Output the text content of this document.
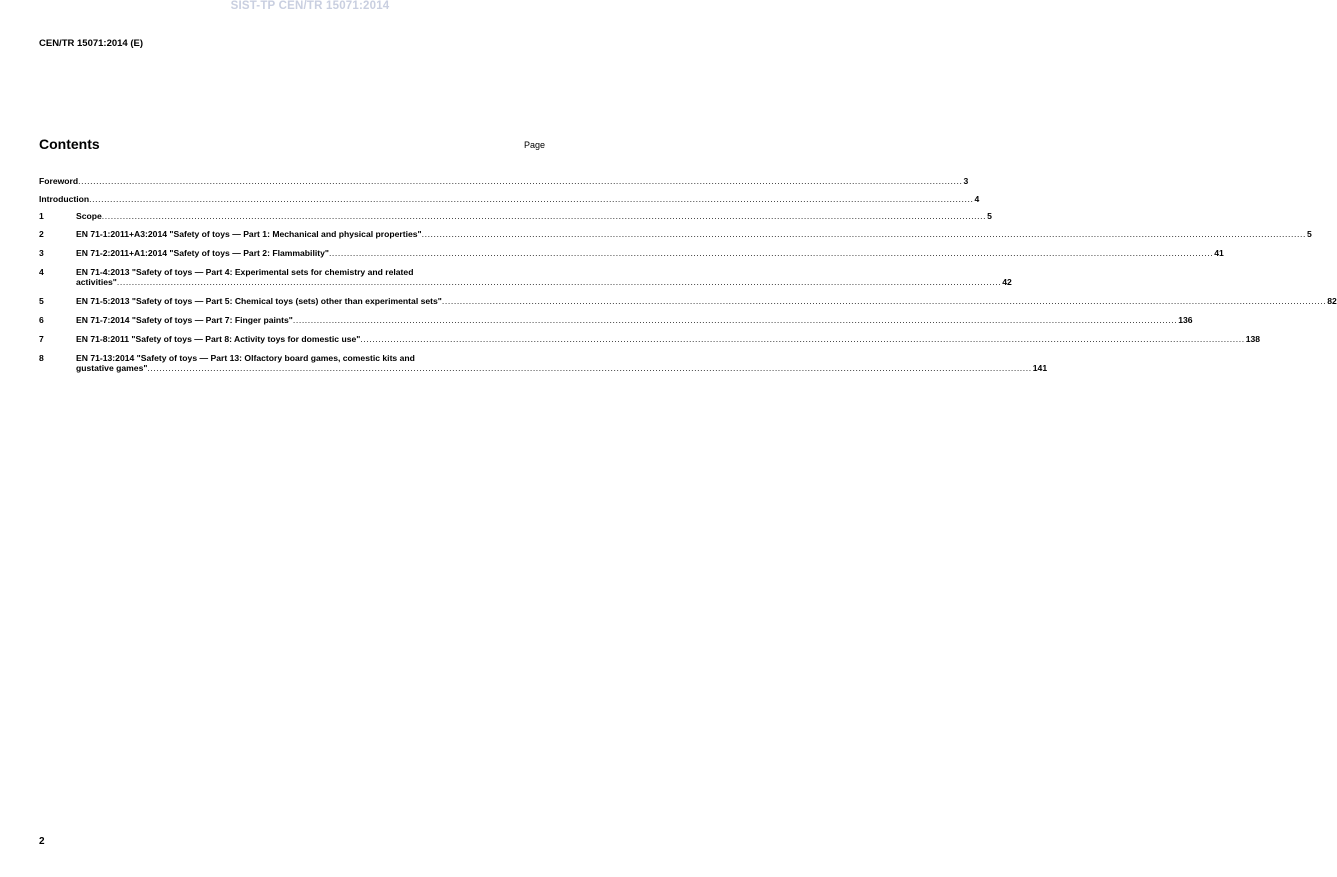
SIST-TP CEN/TR 15071:2014
CEN/TR 15071:2014 (E)
Contents	Page
Foreword .....	3
Introduction .....	4
1	Scope .....	5
2	EN 71-1:2011+A3:2014 "Safety of toys — Part 1: Mechanical and physical properties" .....	5
3	EN 71-2:2011+A1:2014 "Safety of toys — Part 2: Flammability" .....	41
4	EN 71-4:2013 "Safety of toys — Part 4: Experimental sets for chemistry and related
activities" .....	42
5	EN 71-5:2013 "Safety of toys — Part 5: Chemical toys (sets) other than experimental sets" .....	82
6	EN 71-7:2014 "Safety of toys — Part 7: Finger paints" .....	136
7	EN 71-8:2011 "Safety of toys — Part 8: Activity toys for domestic use" .....	138
8	EN 71-13:2014 "Safety of toys — Part 13: Olfactory board games, comestic kits and
gustative games" .....	141
2
